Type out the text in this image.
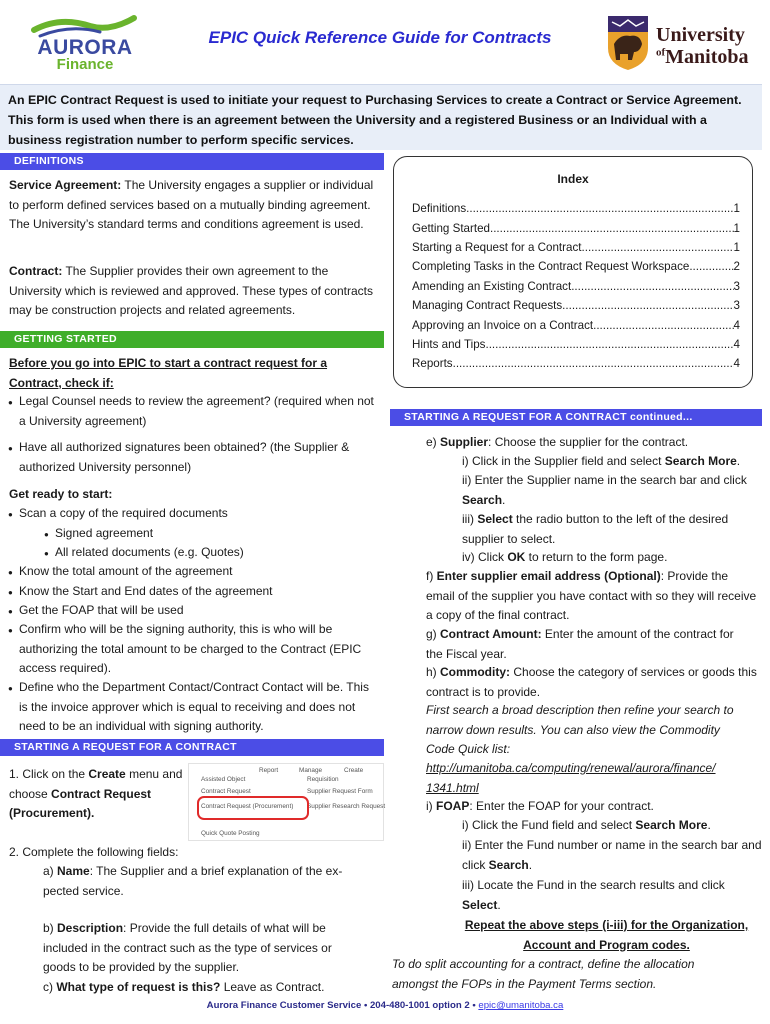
AURORA
Finance
EPIC Quick Reference Guide for Contracts	University
$^{of}$Manitoba
An EPIC Contract Request is used to initiate your request to Purchasing Services to create a Contract or Service Agreement. This form is used when there is an agreement between the University and a registered Business or an Individual with a business registration number to perform specific services.
DEFINITIONS
Service Agreement: The University engages a supplier or individual to perform defined services based on a mutually binding agreement. The University’s standard terms and conditions agreement is used.
Contract: The Supplier provides their own agreement to the University which is reviewed and approved. These types of contracts may be construction projects and related agreements.
GETTING STARTED
Before you go into EPIC to start a contract request for a Contract, check if:
● Legal Counsel needs to review the agreement? (required when not a University agreement)
● Have all authorized signatures been obtained? (the Supplier & authorized University personnel)
Get ready to start:
● Scan a copy of the required documents
● Signed agreement
● All related documents (e.g. Quotes)
● Know the total amount of the agreement
● Know the Start and End dates of the agreement
● Get the FOAP that will be used
● Confirm who will be the signing authority, this is who will be authorizing the total amount to be charged to the Contract (EPIC access required).
● Define who the Department Contact/Contract Contact will be. This is the invoice approver which is equal to receiving and does not need to be an individual with signing authority.
STARTING A REQUEST FOR A CONTRACT
1. Click on the Create menu and choose Contract Request (Procurement).
Report	Manage	Create
Assisted Object
Contract Request
Contract Request (Procurement)
Quick Quote Posting
Requisition
Supplier Request Form
Supplier Research Request
2. Complete the following fields:
a) Name: The Supplier and a brief explanation of the ex-pected service.
b) Description: Provide the full details of what will be included in the contract such as the type of services or goods to be provided by the supplier.
c) What type of request is this? Leave as Contract.
Index
Definitions .....	1
Getting Started .....	1
Starting a Request for a Contract .....	1
Completing Tasks in the Contract Request Workspace .....	2
Amending an Existing Contract .....	3
Managing Contract Requests .....	3
Approving an Invoice on a Contract .....	4
Hints and Tips .....	4
Reports .....	4
STARTING A REQUEST FOR A CONTRACT continued...
e) Supplier: Choose the supplier for the contract.
i) Click in the Supplier field and select Search More.
ii) Enter the Supplier name in the search bar and click Search.
iii) Select the radio button to the left of the desired supplier to select.
iv) Click OK to return to the form page.
f) Enter supplier email address (Optional): Provide the email of the supplier you have contact with so they will receive a copy of the final contract.
g) Contract Amount: Enter the amount of the contract for the Fiscal year.
h) Commodity: Choose the category of services or goods this contract is to provide.
First search a broad description then refine your search to narrow down results. You can also view the Commodity Code Quick list:
http://umanitoba.ca/computing/renewal/aurora/finance/1341.html
i) FOAP: Enter the FOAP for your contract.
i) Click the Fund field and select Search More.
ii) Enter the Fund number or name in the search bar and click Search.
iii) Locate the Fund in the search results and click Select.
Repeat the above steps (i-iii) for the Organization, Account and Program codes.
To do split accounting for a contract, define the allocation amongst the FOPs in the Payment Terms section.
Aurora Finance Customer Service • 204-480-1001 option 2 • epic@umanitoba.ca
